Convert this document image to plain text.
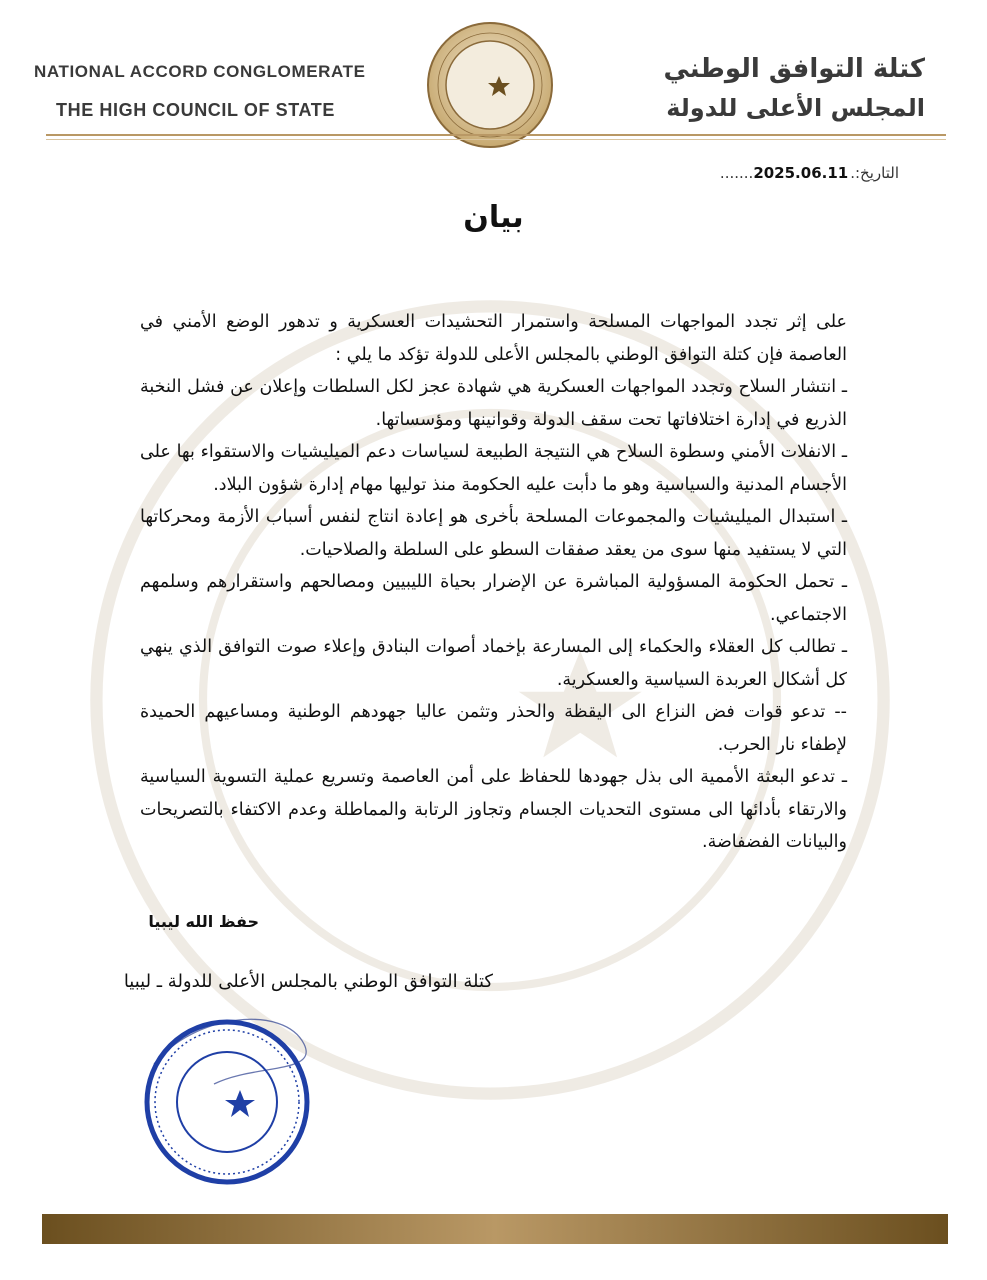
NATIONAL ACCORD CONGLOMERATE
THE HIGH COUNCIL OF STATE
كتلة التوافق الوطني
المجلس الأعلى للدولة
التاريخ:.2025.06.11.......
بيان

على إثر تجدد المواجهات المسلحة واستمرار التحشيدات العسكرية و تدهور الوضع الأمني في العاصمة فإن كتلة التوافق الوطني بالمجلس الأعلى للدولة تؤكد ما يلي :

ـ انتشار السلاح وتجدد المواجهات العسكرية هي شهادة عجز لكل السلطات وإعلان عن فشل النخبة الذريع في إدارة اختلافاتها تحت سقف الدولة وقوانينها ومؤسساتها.

ـ الانفلات الأمني وسطوة السلاح هي النتيجة الطبيعة لسياسات دعم الميليشيات والاستقواء بها على الأجسام المدنية والسياسية وهو ما دأبت عليه الحكومة منذ توليها مهام إدارة شؤون البلاد.

ـ استبدال الميليشيات والمجموعات المسلحة بأخرى هو إعادة انتاج لنفس أسباب الأزمة ومحركاتها التي لا يستفيد منها سوى من يعقد صفقات السطو على السلطة والصلاحيات.

ـ تحمل الحكومة المسؤولية المباشرة عن الإضرار بحياة الليبيين ومصالحهم واستقرارهم وسلمهم الاجتماعي.

ـ تطالب كل العقلاء والحكماء إلى المسارعة بإخماد أصوات البنادق وإعلاء صوت التوافق الذي ينهي كل أشكال العربدة السياسية والعسكرية.

-- تدعو قوات فض النزاع الى اليقظة والحذر وتثمن عاليا جهودهم الوطنية ومساعيهم الحميدة لإطفاء نار الحرب.

ـ تدعو البعثة الأممية الى بذل جهودها للحفاظ على أمن العاصمة وتسريع عملية التسوية السياسية والارتقاء بأدائها الى مستوى التحديات الجسام وتجاوز الرتابة والمماطلة وعدم الاكتفاء بالتصريحات والبيانات الفضفاضة.

حفظ الله ليبيا
كتلة التوافق الوطني بالمجلس الأعلى للدولة ـ ليبيا
